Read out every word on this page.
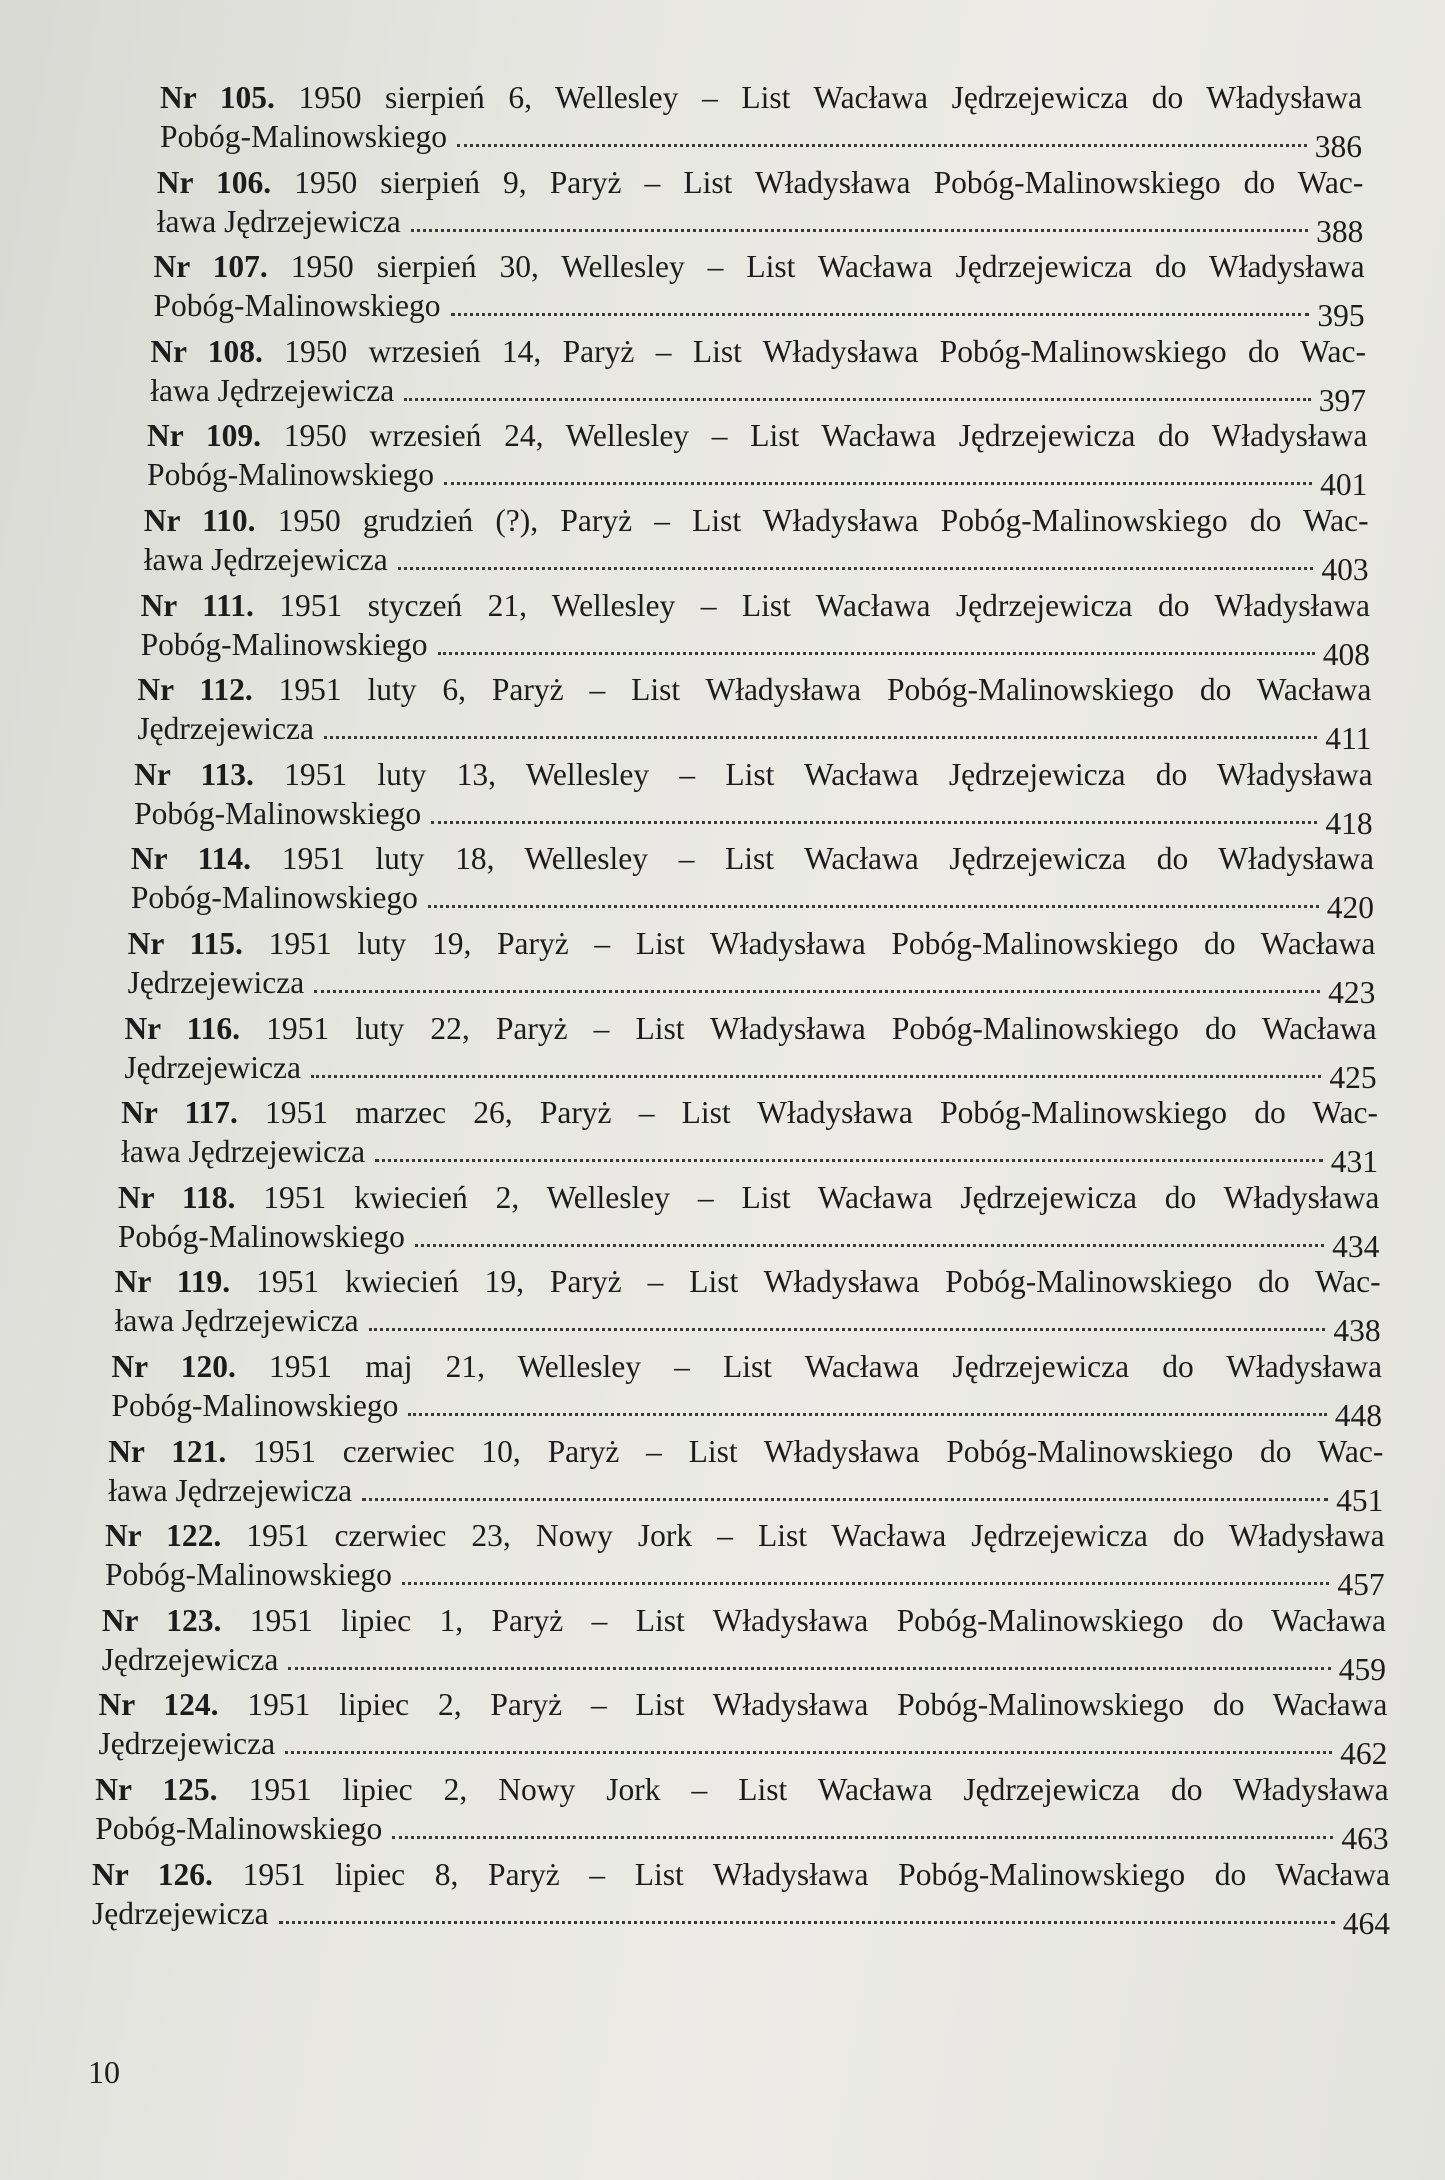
Nr 105. 1950 sierpień 6, Wellesley – List Wacława Jędrzejewicza do Władysława
Pobóg-Malinowskiego	386
Nr 106. 1950 sierpień 9, Paryż – List Władysława Pobóg-Malinowskiego do Wac-
ława Jędrzejewicza	388
Nr 107. 1950 sierpień 30, Wellesley – List Wacława Jędrzejewicza do Władysława
Pobóg-Malinowskiego	395
Nr 108. 1950 wrzesień 14, Paryż – List Władysława Pobóg-Malinowskiego do Wac-
ława Jędrzejewicza	397
Nr 109. 1950 wrzesień 24, Wellesley – List Wacława Jędrzejewicza do Władysława
Pobóg-Malinowskiego	401
Nr 110. 1950 grudzień (?), Paryż – List Władysława Pobóg-Malinowskiego do Wac-
ława Jędrzejewicza	403
Nr 111. 1951 styczeń 21, Wellesley – List Wacława Jędrzejewicza do Władysława
Pobóg-Malinowskiego	408
Nr 112. 1951 luty 6, Paryż – List Władysława Pobóg-Malinowskiego do Wacława
Jędrzejewicza	411
Nr 113. 1951 luty 13, Wellesley – List Wacława Jędrzejewicza do Władysława
Pobóg-Malinowskiego	418
Nr 114. 1951 luty 18, Wellesley – List Wacława Jędrzejewicza do Władysława
Pobóg-Malinowskiego	420
Nr 115. 1951 luty 19, Paryż – List Władysława Pobóg-Malinowskiego do Wacława
Jędrzejewicza	423
Nr 116. 1951 luty 22, Paryż – List Władysława Pobóg-Malinowskiego do Wacława
Jędrzejewicza	425
Nr 117. 1951 marzec 26, Paryż – List Władysława Pobóg-Malinowskiego do Wac-
ława Jędrzejewicza	431
Nr 118. 1951 kwiecień 2, Wellesley – List Wacława Jędrzejewicza do Władysława
Pobóg-Malinowskiego	434
Nr 119. 1951 kwiecień 19, Paryż – List Władysława Pobóg-Malinowskiego do Wac-
ława Jędrzejewicza	438
Nr 120. 1951 maj 21, Wellesley – List Wacława Jędrzejewicza do Władysława
Pobóg-Malinowskiego	448
Nr 121. 1951 czerwiec 10, Paryż – List Władysława Pobóg-Malinowskiego do Wac-
ława Jędrzejewicza	451
Nr 122. 1951 czerwiec 23, Nowy Jork – List Wacława Jędrzejewicza do Władysława
Pobóg-Malinowskiego	457
Nr 123. 1951 lipiec 1, Paryż – List Władysława Pobóg-Malinowskiego do Wacława
Jędrzejewicza	459
Nr 124. 1951 lipiec 2, Paryż – List Władysława Pobóg-Malinowskiego do Wacława
Jędrzejewicza	462
Nr 125. 1951 lipiec 2, Nowy Jork – List Wacława Jędrzejewicza do Władysława
Pobóg-Malinowskiego	463
Nr 126. 1951 lipiec 8, Paryż – List Władysława Pobóg-Malinowskiego do Wacława
Jędrzejewicza	464
10
